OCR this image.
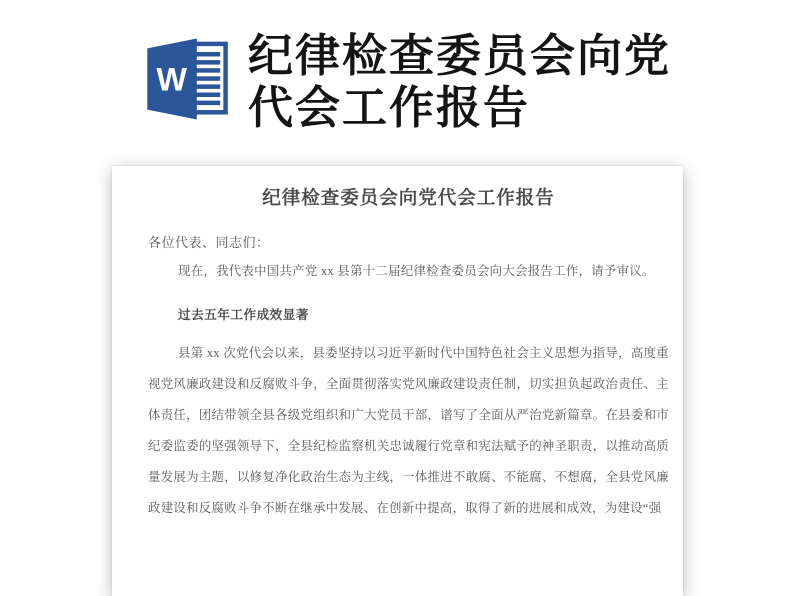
W 纪律检查委员会向党
代会工作报告
纪律检查委员会向党代会工作报告
各位代表、同志们：
现在，我代表中国共产党 xx 县第十二届纪律检查委员会向大会报告工作，请予审议。
过去五年工作成效显著
县第 xx 次党代会以来，县委坚持以习近平新时代中国特色社会主义思想为指导，高度重视党风廉政建设和反腐败斗争，全面贯彻落实党风廉政建设责任制，切实担负起政治责任、主体责任，团结带领全县各级党组织和广大党员干部，谱写了全面从严治党新篇章。在县委和市纪委监委的坚强领导下，全县纪检监察机关忠诚履行党章和宪法赋予的神圣职责，以推动高质量发展为主题，以修复净化政治生态为主线，一体推进不敢腐、不能腐、不想腐，全县党风廉政建设和反腐败斗争不断在继承中发展、在创新中提高，取得了新的进展和成效，为建设“强
